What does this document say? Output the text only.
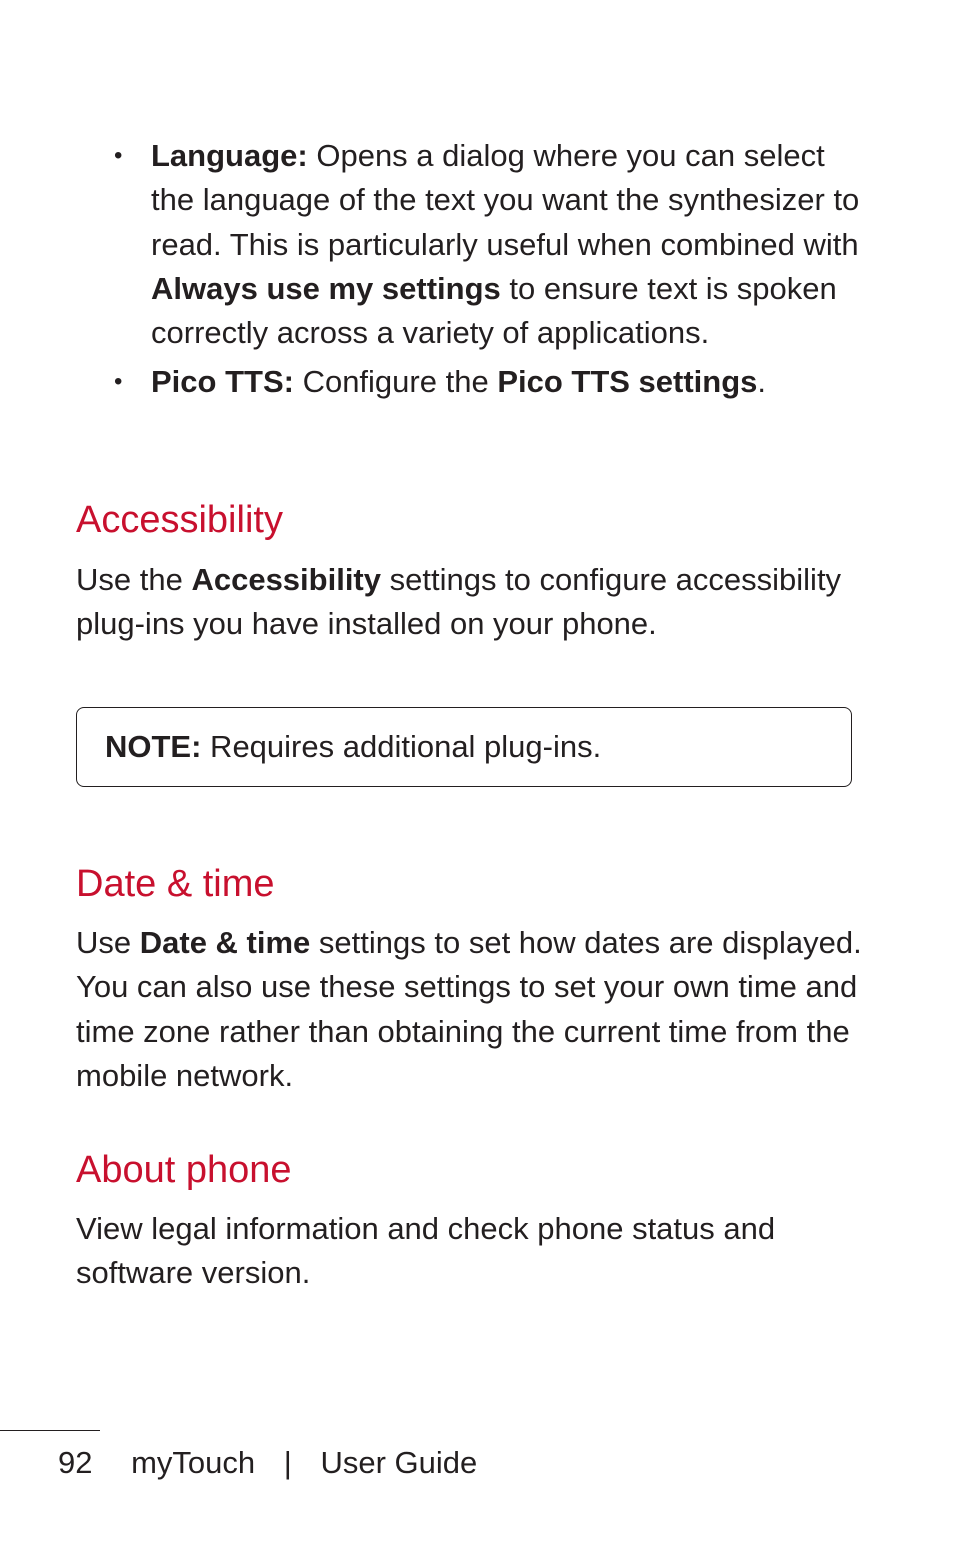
• Language: Opens a dialog where you can select the language of the text you want the synthesizer to read. This is particularly useful when combined with Always use my settings to ensure text is spoken correctly across a variety of applications.
• Pico TTS: Configure the Pico TTS settings.
Accessibility

Use the Accessibility settings to configure accessibility plug-ins you have installed on your phone.

NOTE: Requires additional plug-ins.
Date & time

Use Date & time settings to set how dates are displayed. You can also use these settings to set your own time and time zone rather than obtaining the current time from the mobile network.

About phone

View legal information and check phone status and software version.

92 myTouch | User Guide
